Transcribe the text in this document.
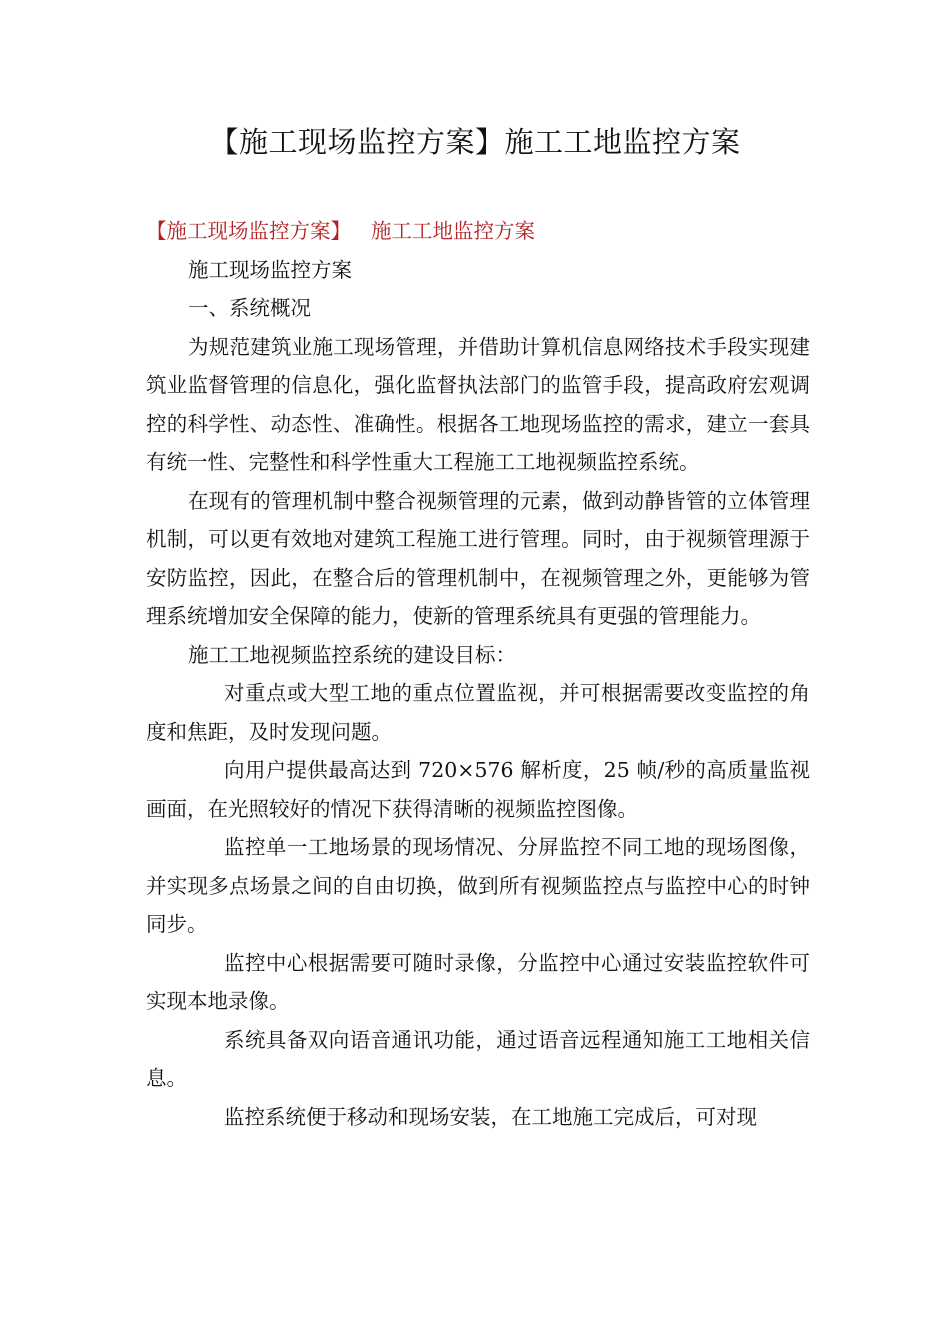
【施工现场监控方案】施工工地监控方案

【施工现场监控方案】 施工工地监控方案

施工现场监控方案

一、系统概况

为规范建筑业施工现场管理，并借助计算机信息网络技术手段实现建筑业监督管理的信息化，强化监督执法部门的监管手段，提高政府宏观调控的科学性、动态性、准确性。根据各工地现场监控的需求，建立一套具有统一性、完整性和科学性重大工程施工工地视频监控系统。

在现有的管理机制中整合视频管理的元素，做到动静皆管的立体管理机制，可以更有效地对建筑工程施工进行管理。同时，由于视频管理源于安防监控，因此，在整合后的管理机制中，在视频管理之外，更能够为管理系统增加安全保障的能力，使新的管理系统具有更强的管理能力。

施工工地视频监控系统的建设目标：

对重点或大型工地的重点位置监视，并可根据需要改变监控的角度和焦距，及时发现问题。

向用户提供最高达到 720×576 解析度，25 帧/秒的高质量监视画面，在光照较好的情况下获得清晰的视频监控图像。

监控单一工地场景的现场情况、分屏监控不同工地的现场图像，并实现多点场景之间的自由切换，做到所有视频监控点与监控中心的时钟同步。

监控中心根据需要可随时录像，分监控中心通过安装监控软件可实现本地录像。

系统具备双向语音通讯功能，通过语音远程通知施工工地相关信息。

监控系统便于移动和现场安装，在工地施工完成后，可对现
